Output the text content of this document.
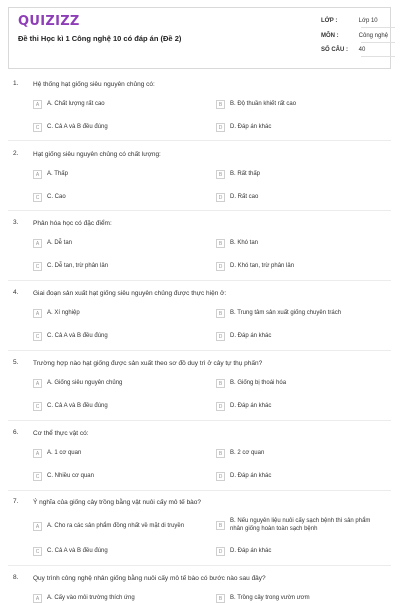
QUIZIZZ
Đề thi Học kì 1 Công nghệ 10 có đáp án (Đề 2)
LỚP :	Lớp 10
MÔN :	Công nghệ
SỐ CÂU : 40
1. Hệ thống hạt giống siêu nguyên chủng có:
A	A. Chất lượng rất cao	B	B. Độ thuần khiết rất cao
C	C. Cả A và B đều đúng	D	D. Đáp án khác
2. Hạt giống siêu nguyên chủng có chất lượng:
A	A. Thấp	B	B. Rất thấp
C	C. Cao	D	D. Rất cao
3. Phân hóa học có đặc điểm:
A	A. Dễ tan	B	B. Khó tan
C	C. Dễ tan, trừ phân lân	D	D. Khó tan, trừ phân lân
4. Giai đoạn sản xuất hạt giống siêu nguyên chủng được thực hiện ở:
A	A. Xí nghiệp	B	B. Trung tâm sản xuất giống chuyên trách
C	C. Cả A và B đều đúng	D	D. Đáp án khác
5. Trường hợp nào hạt giống được sản xuất theo sơ đồ duy trì ở cây tự thụ phấn?
A	A. Giống siêu nguyên chủng	B	B. Giống bị thoái hóa
C	C. Cả A và B đều đúng	D	D. Đáp án khác
6. Cơ thể thực vật có:
A	A. 1 cơ quan	B	B. 2 cơ quan
C	C. Nhiều cơ quan	D	D. Đáp án khác
7. Ý nghĩa của giống cây trồng bằng vật nuôi cấy mô tế bào?
A	A. Cho ra các sản phẩm đồng nhất về mặt di truyền	B
B. Nếu nguyên liệu nuôi cấy sạch bệnh thì sản phẩm nhân giống hoàn toàn sạch bệnh
C	C. Cả A và B đều đúng	D	D. Đáp án khác
8. Quy trình công nghệ nhân giống bằng nuôi cấy mô tế bào có bước nào sau đây?
A	A. Cấy vào môi trường thích ứng	B	B. Trồng cây trong vườn ươm
